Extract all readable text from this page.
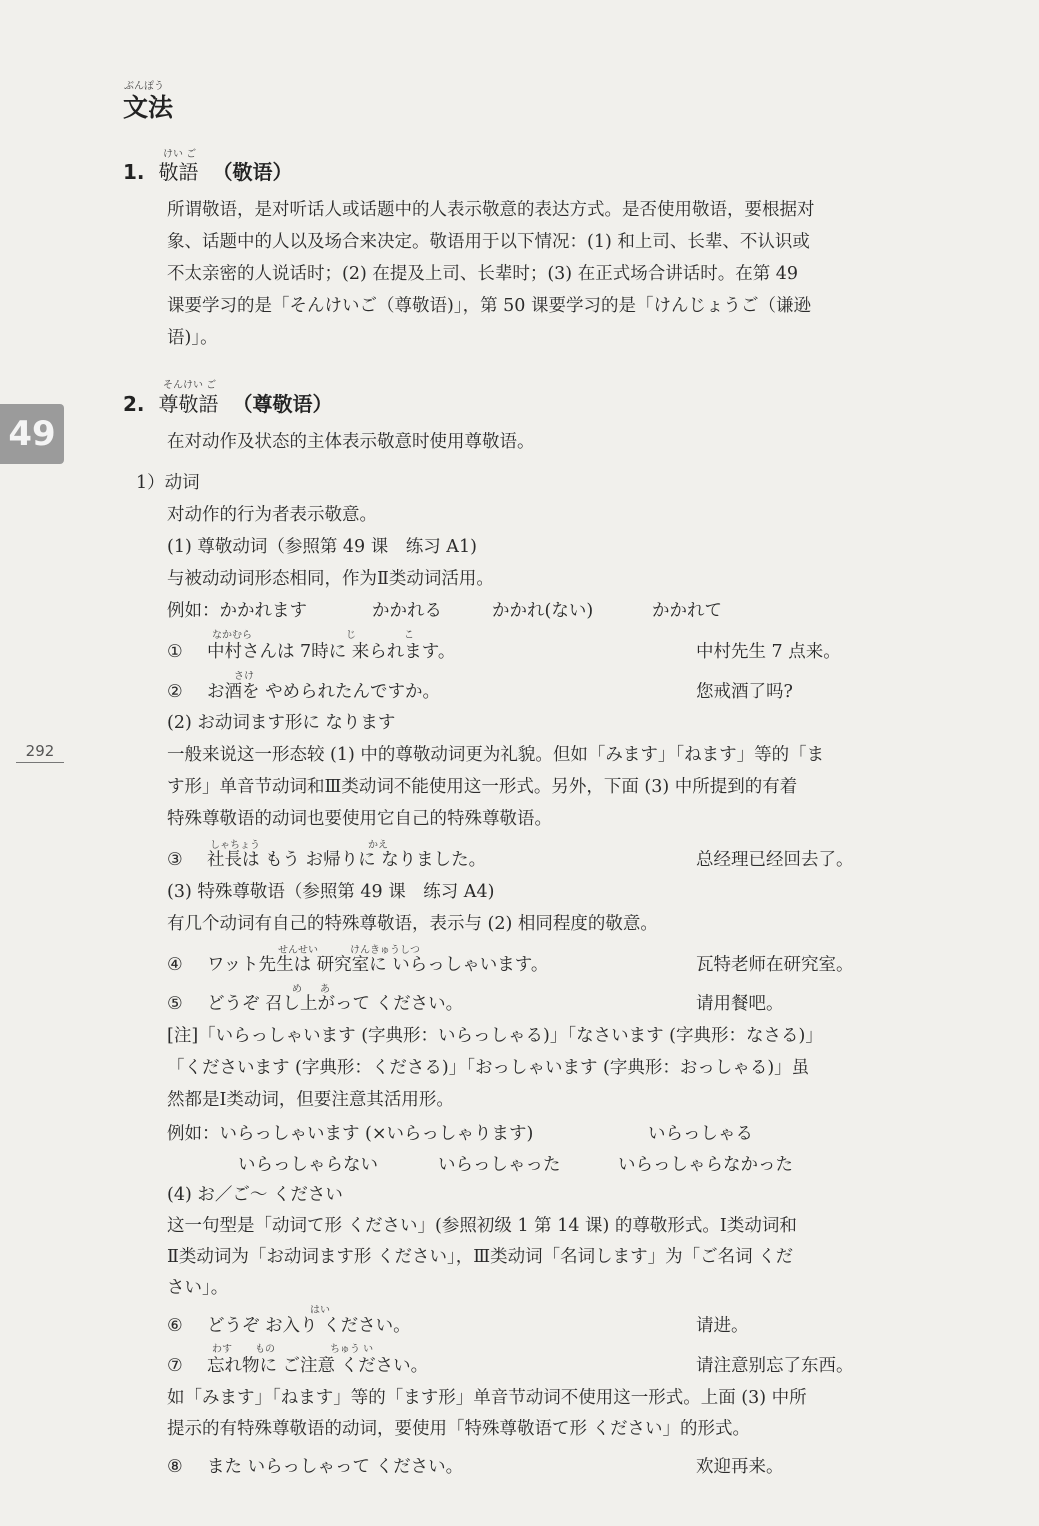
ぶんぽう
文法
けい ご
1. 敬語 （敬语）
所谓敬语，是对听话人或话题中的人表示敬意的表达方式。是否使用敬语，要根据对
象、话题中的人以及场合来决定。敬语用于以下情况：(1) 和上司、长辈、不认识或
不太亲密的人说话时；(2) 在提及上司、长辈时；(3) 在正式场合讲话时。在第 49
课要学习的是「そんけいご（尊敬语)」，第 50 课要学习的是「けんじょうご（谦逊
语)」。
49
そんけい ご
2. 尊敬語 （尊敬语）
在对动作及状态的主体表示敬意时使用尊敬语。
1）动词
对动作的行为者表示敬意。
(1) 尊敬动词（参照第 49 课　练习 A1)
与被动动词形态相同，作为Ⅱ类动词活用。
例如：かかれます	かかれる	かかれ(ない)	かかれて
なかむら	じ	こ
① 中村さんは 7時に 来られます。	中村先生 7 点来。
さけ
② お酒を やめられたんですか。	您戒酒了吗?
(2) お动词ます形に なります
292	一般来说这一形态较 (1) 中的尊敬动词更为礼貌。但如「みます」「ねます」等的「ま
す形」单音节动词和Ⅲ类动词不能使用这一形式。另外，下面 (3) 中所提到的有着
特殊尊敬语的动词也要使用它自己的特殊尊敬语。
しゃちょう	かえ
③ 社長は もう お帰りに なりました。	总经理已经回去了。
(3) 特殊尊敬语（参照第 49 课　练习 A4)
有几个动词有自己的特殊尊敬语，表示与 (2) 相同程度的敬意。
せんせい	けんきゅうしつ
④ ワット先生は 研究室に いらっしゃいます。	瓦特老师在研究室。
め あ
⑤ どうぞ 召し上がって ください。	请用餐吧。
[注]「いらっしゃいます (字典形：いらっしゃる)」「なさいます (字典形：なさる)」
「くださいます (字典形：くださる)」「おっしゃいます (字典形：おっしゃる)」虽
然都是Ⅰ类动词，但要注意其活用形。
例如：いらっしゃいます (×いらっしゃります)	いらっしゃる
いらっしゃらない	いらっしゃった	いらっしゃらなかった
(4) お／ご～ ください
这一句型是「动词て形 ください」(参照初级 1 第 14 课) 的尊敬形式。Ⅰ类动词和
Ⅱ类动词为「お动词ます形 ください」，Ⅲ类动词「名词します」为「ご名词 くだ
さい」。
はい
⑥ どうぞ お入り ください。	请进。
わす もの	ちゅう い
⑦ 忘れ物に ご注意 ください。	请注意别忘了东西。
如「みます」「ねます」等的「ます形」单音节动词不使用这一形式。上面 (3) 中所
提示的有特殊尊敬语的动词，要使用「特殊尊敬语て形 ください」的形式。
⑧ また いらっしゃって ください。	欢迎再来。
